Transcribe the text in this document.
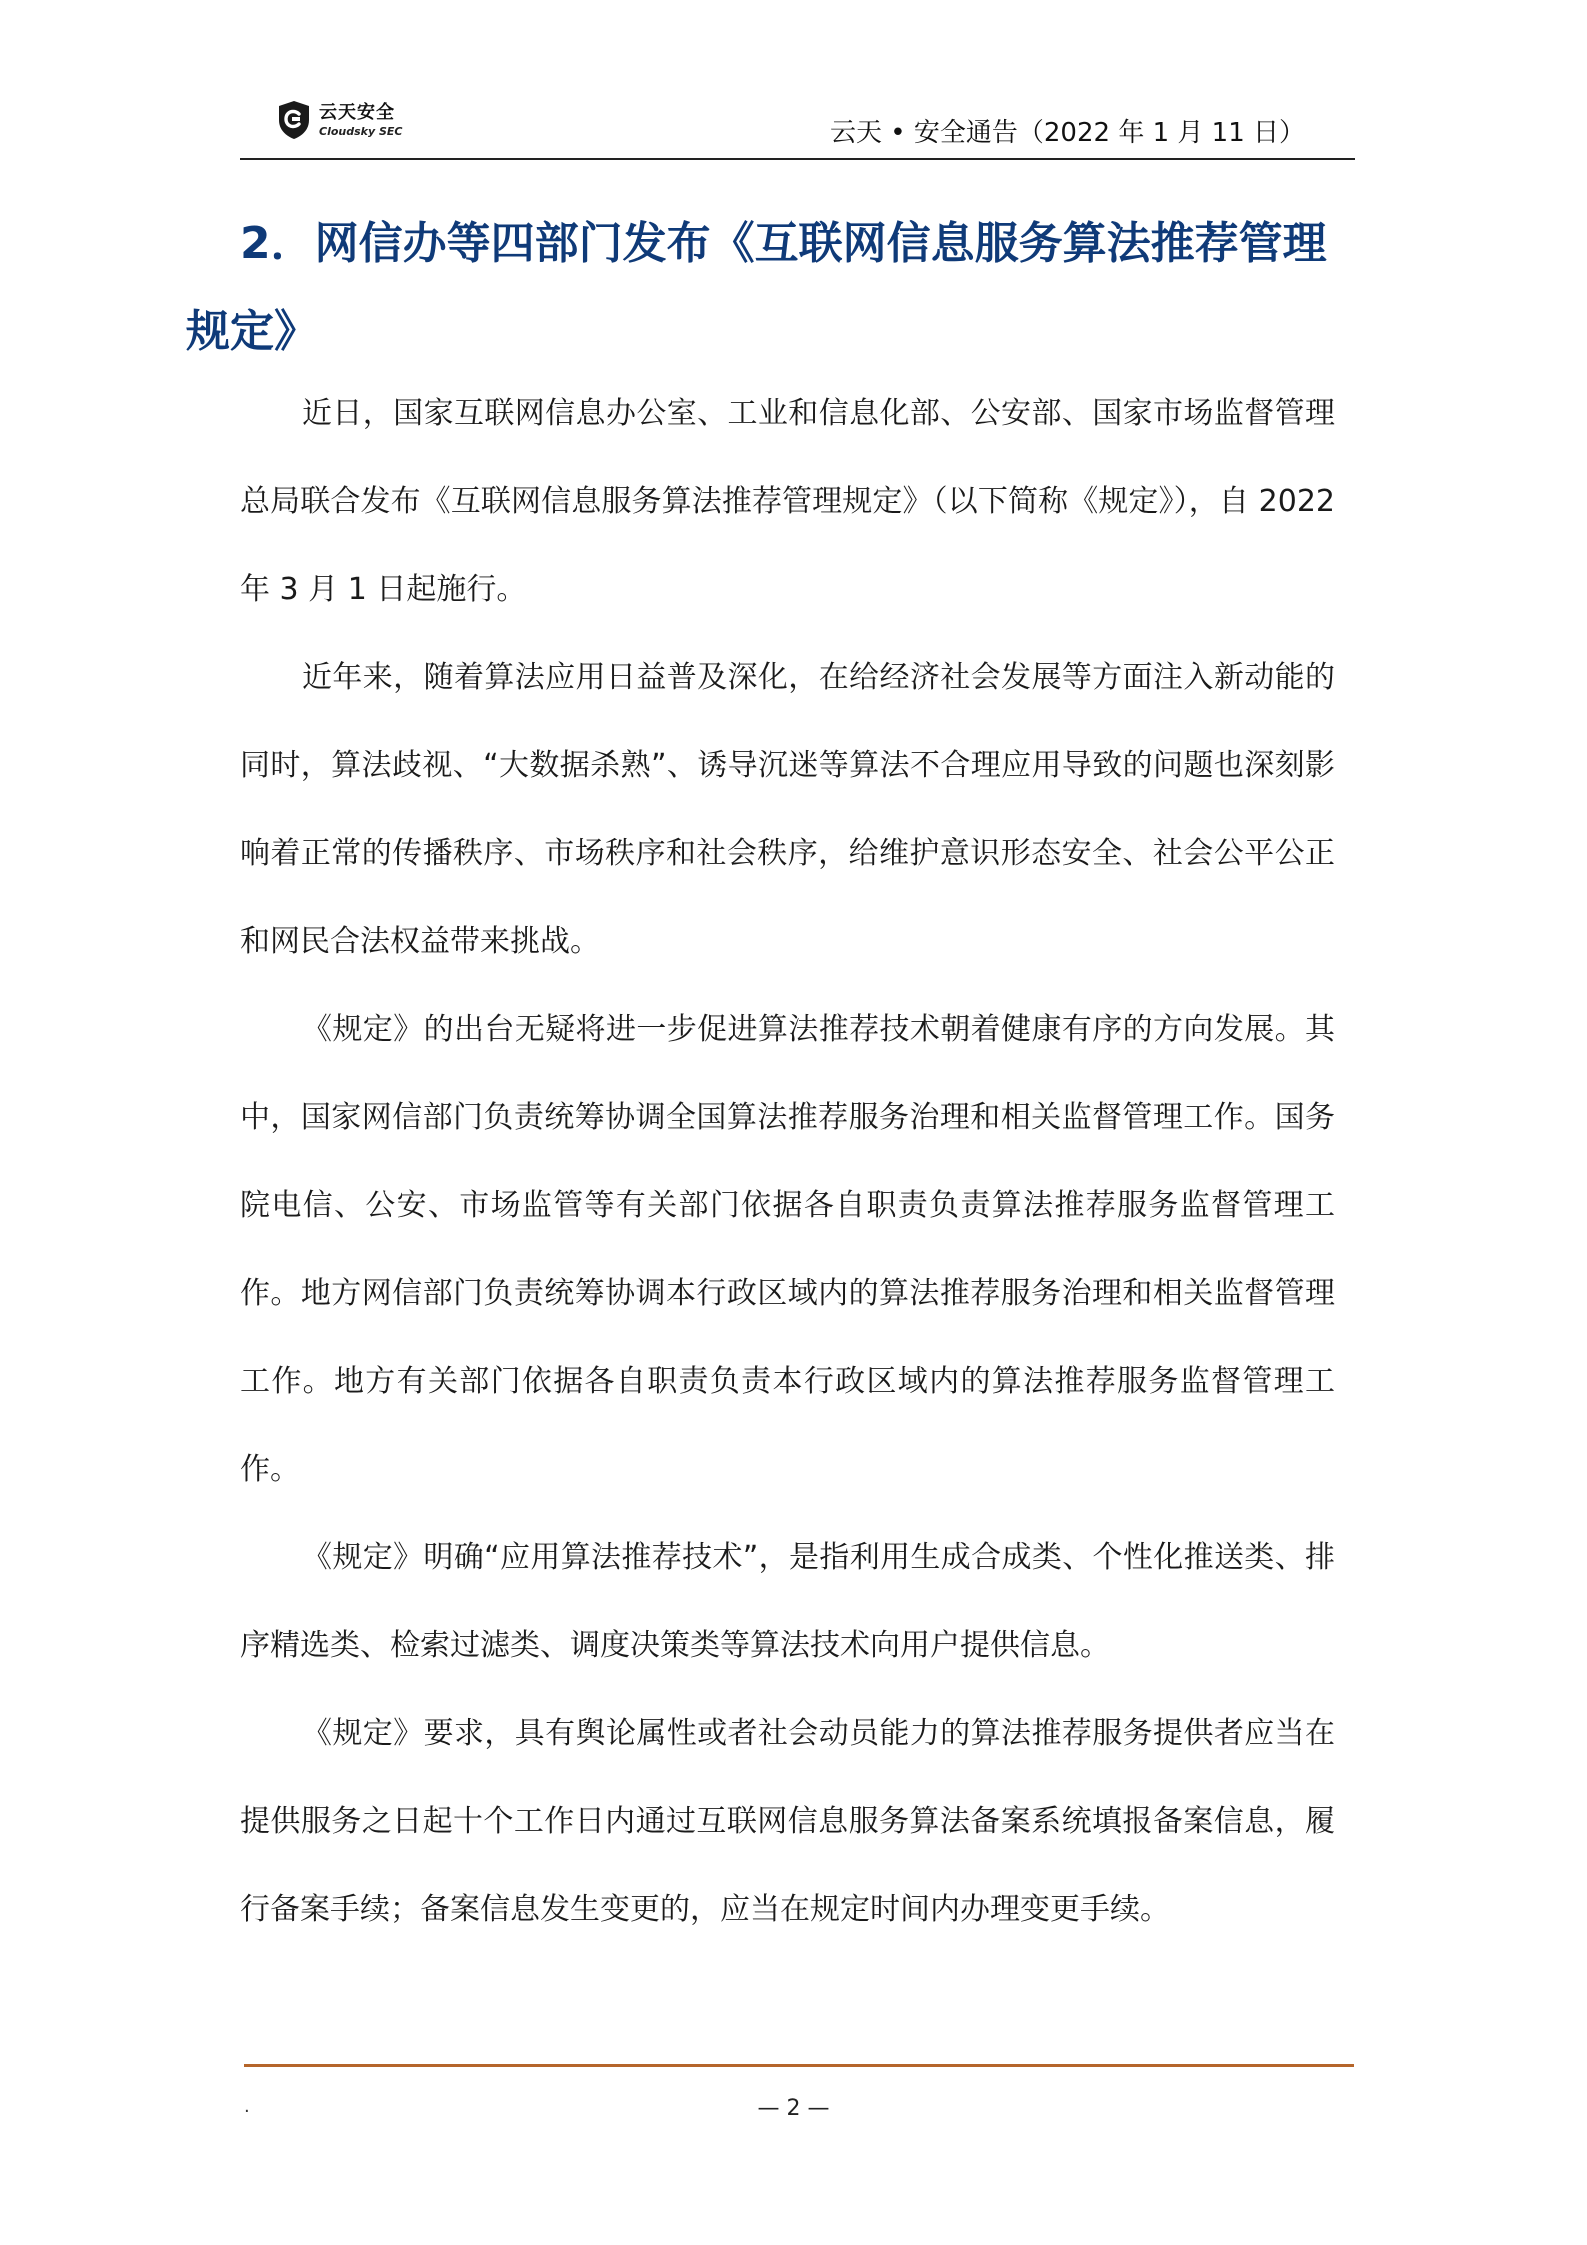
云天安全
Cloudsky SEC	云天 • 安全通告（2022 年 1 月 11 日）
2．网信办等四部门发布《互联网信息服务算法推荐管理规定》

近日，国家互联网信息办公室、工业和信息化部、公安部、国家市场监督管理总局联合发布《互联网信息服务算法推荐管理规定》（以下简称《规定》），自 2022 年 3 月 1 日起施行。

近年来，随着算法应用日益普及深化，在给经济社会发展等方面注入新动能的同时，算法歧视、“大数据杀熟”、诱导沉迷等算法不合理应用导致的问题也深刻影响着正常的传播秩序、市场秩序和社会秩序，给维护意识形态安全、社会公平公正和网民合法权益带来挑战。

《规定》的出台无疑将进一步促进算法推荐技术朝着健康有序的方向发展。其中，国家网信部门负责统筹协调全国算法推荐服务治理和相关监督管理工作。国务院电信、公安、市场监管等有关部门依据各自职责负责算法推荐服务监督管理工作。地方网信部门负责统筹协调本行政区域内的算法推荐服务治理和相关监督管理工作。地方有关部门依据各自职责负责本行政区域内的算法推荐服务监督管理工作。

《规定》明确“应用算法推荐技术”，是指利用生成合成类、个性化推送类、排序精选类、检索过滤类、调度决策类等算法技术向用户提供信息。

《规定》要求，具有舆论属性或者社会动员能力的算法推荐服务提供者应当在提供服务之日起十个工作日内通过互联网信息服务算法备案系统填报备案信息，履行备案手续；备案信息发生变更的，应当在规定时间内办理变更手续。

.	— 2 —
